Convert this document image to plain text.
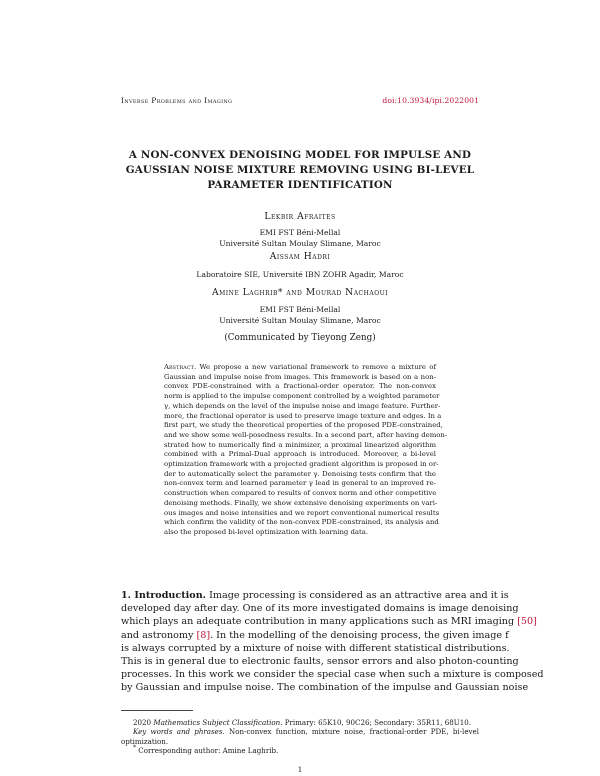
Inverse Problems and Imaging	doi:10.3934/ipi.2022001
A NON-CONVEX DENOISING MODEL FOR IMPULSE AND
GAUSSIAN NOISE MIXTURE REMOVING USING BI-LEVEL
PARAMETER IDENTIFICATION
Lekbir Afraites
EMI FST Béni-Mellal
Université Sultan Moulay Slimane, Maroc
Aissam Hadri
Laboratoire SIE, Université IBN ZOHR Agadir, Maroc
Amine Laghrib* and Mourad Nachaoui
EMI FST Béni-Mellal
Université Sultan Moulay Slimane, Maroc
(Communicated by Tieyong Zeng)
Abstract. We propose a new variational framework to remove a mixture of
Gaussian and impulse noise from images. This framework is based on a non-
convex PDE-constrained with a fractional-order operator. The non-convex
norm is applied to the impulse component controlled by a weighted parameter
γ, which depends on the level of the impulse noise and image feature. Further-
more, the fractional operator is used to preserve image texture and edges. In a
first part, we study the theoretical properties of the proposed PDE-constrained,
and we show some well-posedness results. In a second part, after having demon-
strated how to numerically find a minimizer, a proximal linearized algorithm
combined with a Primal-Dual approach is introduced. Moreover, a bi-level
optimization framework with a projected gradient algorithm is proposed in or-
der to automatically select the parameter γ. Denoising tests confirm that the
non-convex term and learned parameter γ lead in general to an improved re-
construction when compared to results of convex norm and other competitive
denoising methods. Finally, we show extensive denoising experiments on vari-
ous images and noise intensities and we report conventional numerical results
which confirm the validity of the non-convex PDE-constrained, its analysis and
also the proposed bi-level optimization with learning data.
1. Introduction. Image processing is considered as an attractive area and it is
developed day after day. One of its more investigated domains is image denoising
which plays an adequate contribution in many applications such as MRI imaging [50]
and astronomy [8]. In the modelling of the denoising process, the given image f
is always corrupted by a mixture of noise with different statistical distributions.
This is in general due to electronic faults, sensor errors and also photon-counting
processes. In this work we consider the special case when such a mixture is composed
by Gaussian and impulse noise. The combination of the impulse and Gaussian noise
2020 Mathematics Subject Classification. Primary: 65K10, 90C26; Secondary: 35R11, 68U10.
Key words and phrases. Non-convex function, mixture noise, fractional-order PDE, bi-level
optimization.
* Corresponding author: Amine Laghrib.
1
